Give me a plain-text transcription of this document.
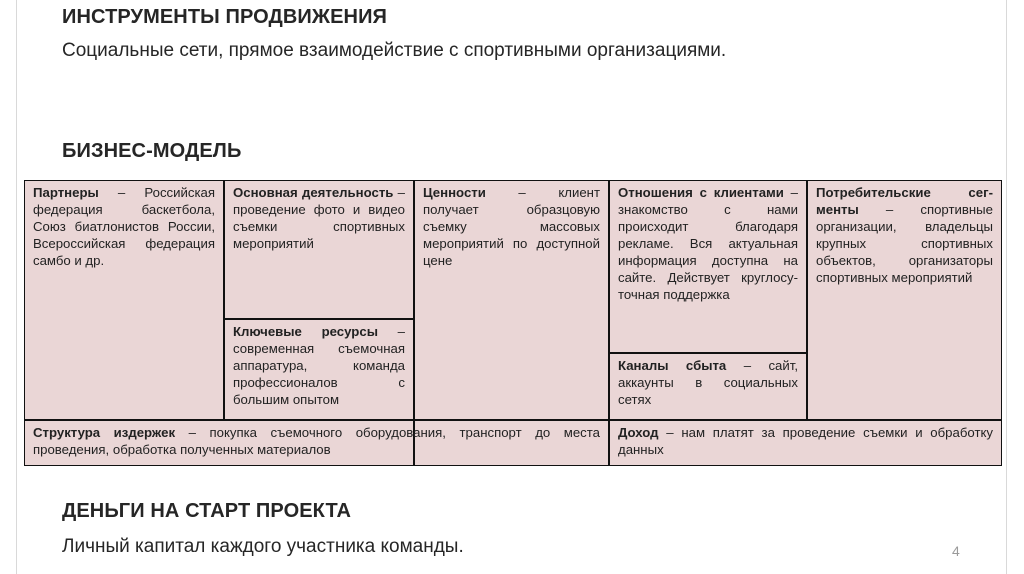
ИНСТРУМЕНТЫ ПРОДВИЖЕНИЯ
Социальные сети, прямое взаимодействие с спортивными организациями.
БИЗНЕС-МОДЕЛЬ
Партнеры – Российская федерация баскетбола, Союз биатлонистов России, Всероссийская федерация самбо и др.
Основная деятельность – проведение фото и видео съемки спортивных мероприятий
Ключевые ресурсы – современная съемочная аппаратура, команда профессионалов с большим опытом
Ценности – клиент получает образцовую съемку массовых мероприятий по доступной цене
Отношения с клиентами – знакомство с нами происходит благодаря рекламе. Вся актуальная информация доступна на сайте. Действует круглосуточная поддержка
Каналы сбыта – сайт, аккаунты в социальных сетях
Потребительские сегменты – спортивные организации, владельцы крупных спортивных объектов, организаторы спортивных мероприятий
Структура издержек – покупка съемочного оборудования, транспорт до места проведения, обработка полученных материалов
Доход – нам платят за проведение съемки и обработку данных
ДЕНЬГИ НА СТАРТ ПРОЕКТА
Личный капитал каждого участника команды.	4
